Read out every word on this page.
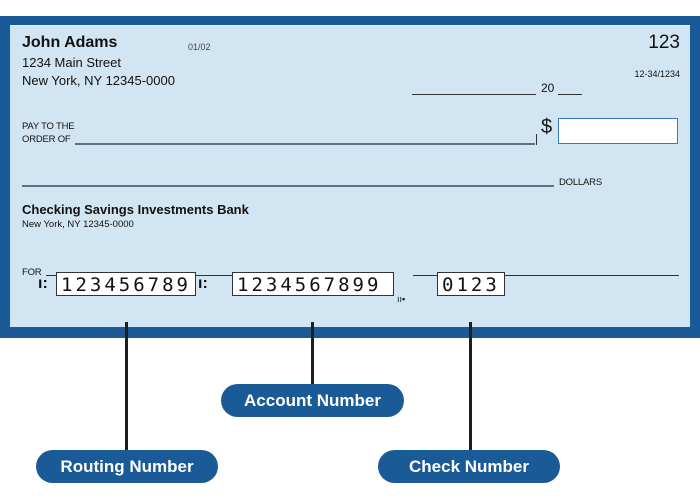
John Adams
1234 Main Street
New York, NY 12345-0000
01/02	123
12-34/1234
20
PAY TO THE
ORDER OF
$
DOLLARS
Checking Savings Investments Bank
New York, NY 12345-0000
FOR
ı: 123456789 ı: 1234567899
ıı▪
0123
Routing Number
Account Number
Check Number
